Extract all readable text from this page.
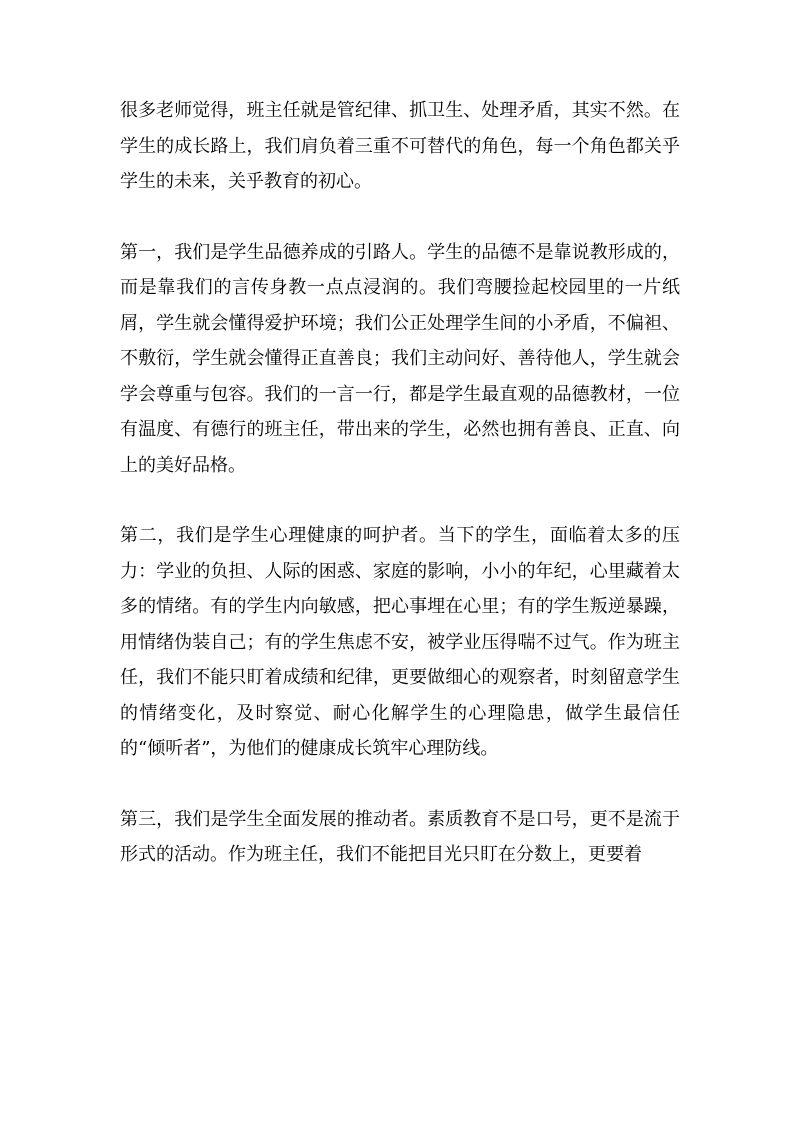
很多老师觉得，班主任就是管纪律、抓卫生、处理矛盾，其实不然。在学生的成长路上，我们肩负着三重不可替代的角色，每一个角色都关乎学生的未来，关乎教育的初心。

第一，我们是学生品德养成的引路人。学生的品德不是靠说教形成的，而是靠我们的言传身教一点点浸润的。我们弯腰捡起校园里的一片纸屑，学生就会懂得爱护环境；我们公正处理学生间的小矛盾，不偏袒、不敷衍，学生就会懂得正直善良；我们主动问好、善待他人，学生就会学会尊重与包容。我们的一言一行，都是学生最直观的品德教材，一位有温度、有德行的班主任，带出来的学生，必然也拥有善良、正直、向上的美好品格。

第二，我们是学生心理健康的呵护者。当下的学生，面临着太多的压力：学业的负担、人际的困惑、家庭的影响，小小的年纪，心里藏着太多的情绪。有的学生内向敏感，把心事埋在心里；有的学生叛逆暴躁，用情绪伪装自己；有的学生焦虑不安，被学业压得喘不过气。作为班主任，我们不能只盯着成绩和纪律，更要做细心的观察者，时刻留意学生的情绪变化，及时察觉、耐心化解学生的心理隐患，做学生最信任的“倾听者”，为他们的健康成长筑牢心理防线。

第三，我们是学生全面发展的推动者。素质教育不是口号，更不是流于形式的活动。作为班主任，我们不能把目光只盯在分数上，更要着
